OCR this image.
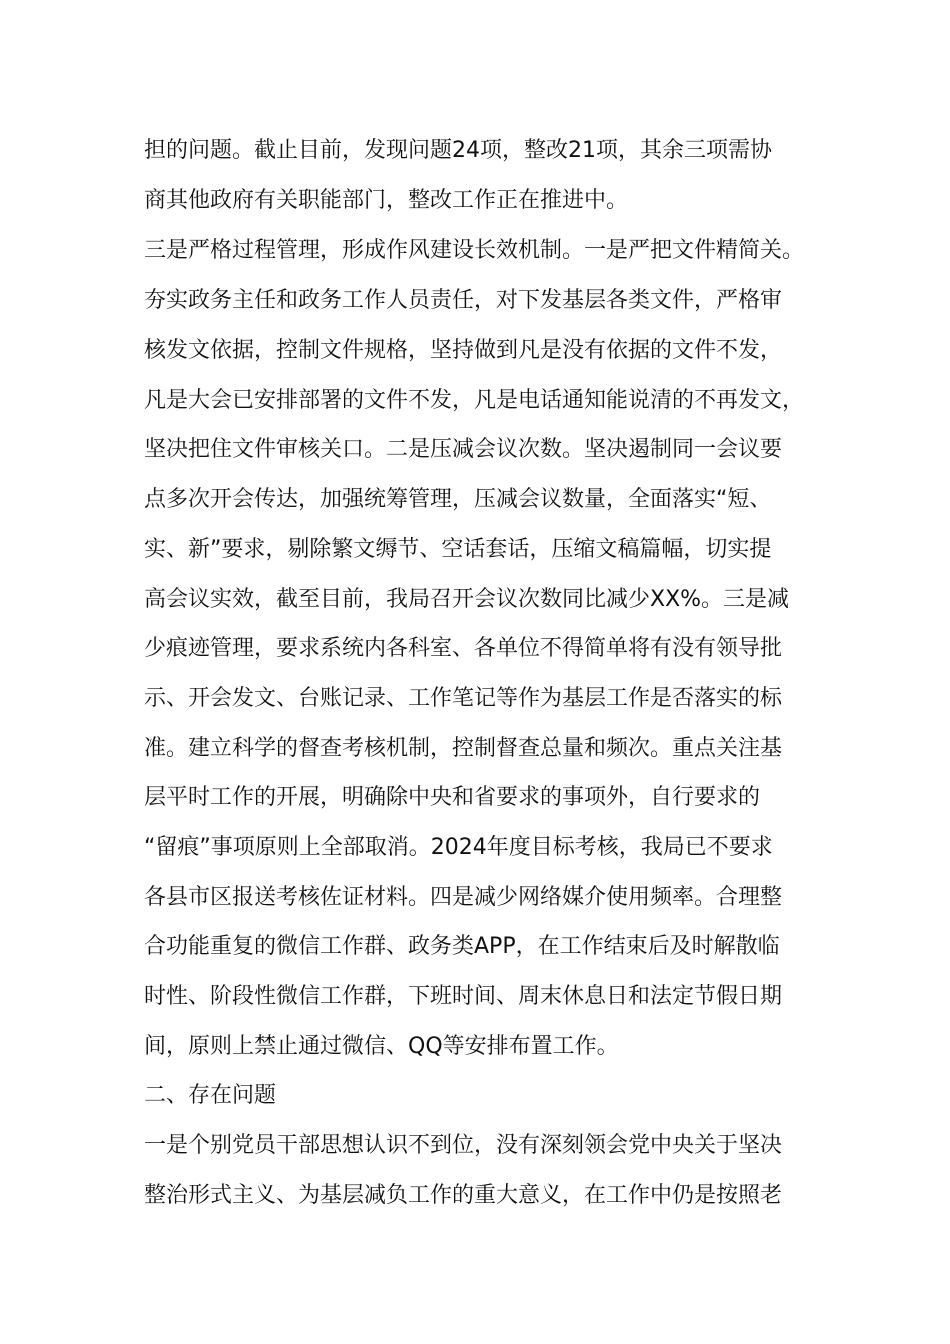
担的问题。截止目前，发现问题24项，整改21项，其余三项需协
商其他政府有关职能部门，整改工作正在推进中。
三是严格过程管理，形成作风建设长效机制。一是严把文件精简关。
夯实政务主任和政务工作人员责任，对下发基层各类文件，严格审
核发文依据，控制文件规格，坚持做到凡是没有依据的文件不发，
凡是大会已安排部署的文件不发，凡是电话通知能说清的不再发文，
坚决把住文件审核关口。二是压减会议次数。坚决遏制同一会议要
点多次开会传达，加强统筹管理，压减会议数量，全面落实“短、
实、新”要求，剔除繁文缛节、空话套话，压缩文稿篇幅，切实提
高会议实效，截至目前，我局召开会议次数同比减少XX%。三是减
少痕迹管理，要求系统内各科室、各单位不得简单将有没有领导批
示、开会发文、台账记录、工作笔记等作为基层工作是否落实的标
准。建立科学的督查考核机制，控制督查总量和频次。重点关注基
层平时工作的开展，明确除中央和省要求的事项外，自行要求的
“留痕”事项原则上全部取消。2024年度目标考核，我局已不要求
各县市区报送考核佐证材料。四是减少网络媒介使用频率。合理整
合功能重复的微信工作群、政务类APP，在工作结束后及时解散临
时性、阶段性微信工作群，下班时间、周末休息日和法定节假日期
间，原则上禁止通过微信、QQ等安排布置工作。
二、存在问题
一是个别党员干部思想认识不到位，没有深刻领会党中央关于坚决
整治形式主义、为基层减负工作的重大意义，在工作中仍是按照老
